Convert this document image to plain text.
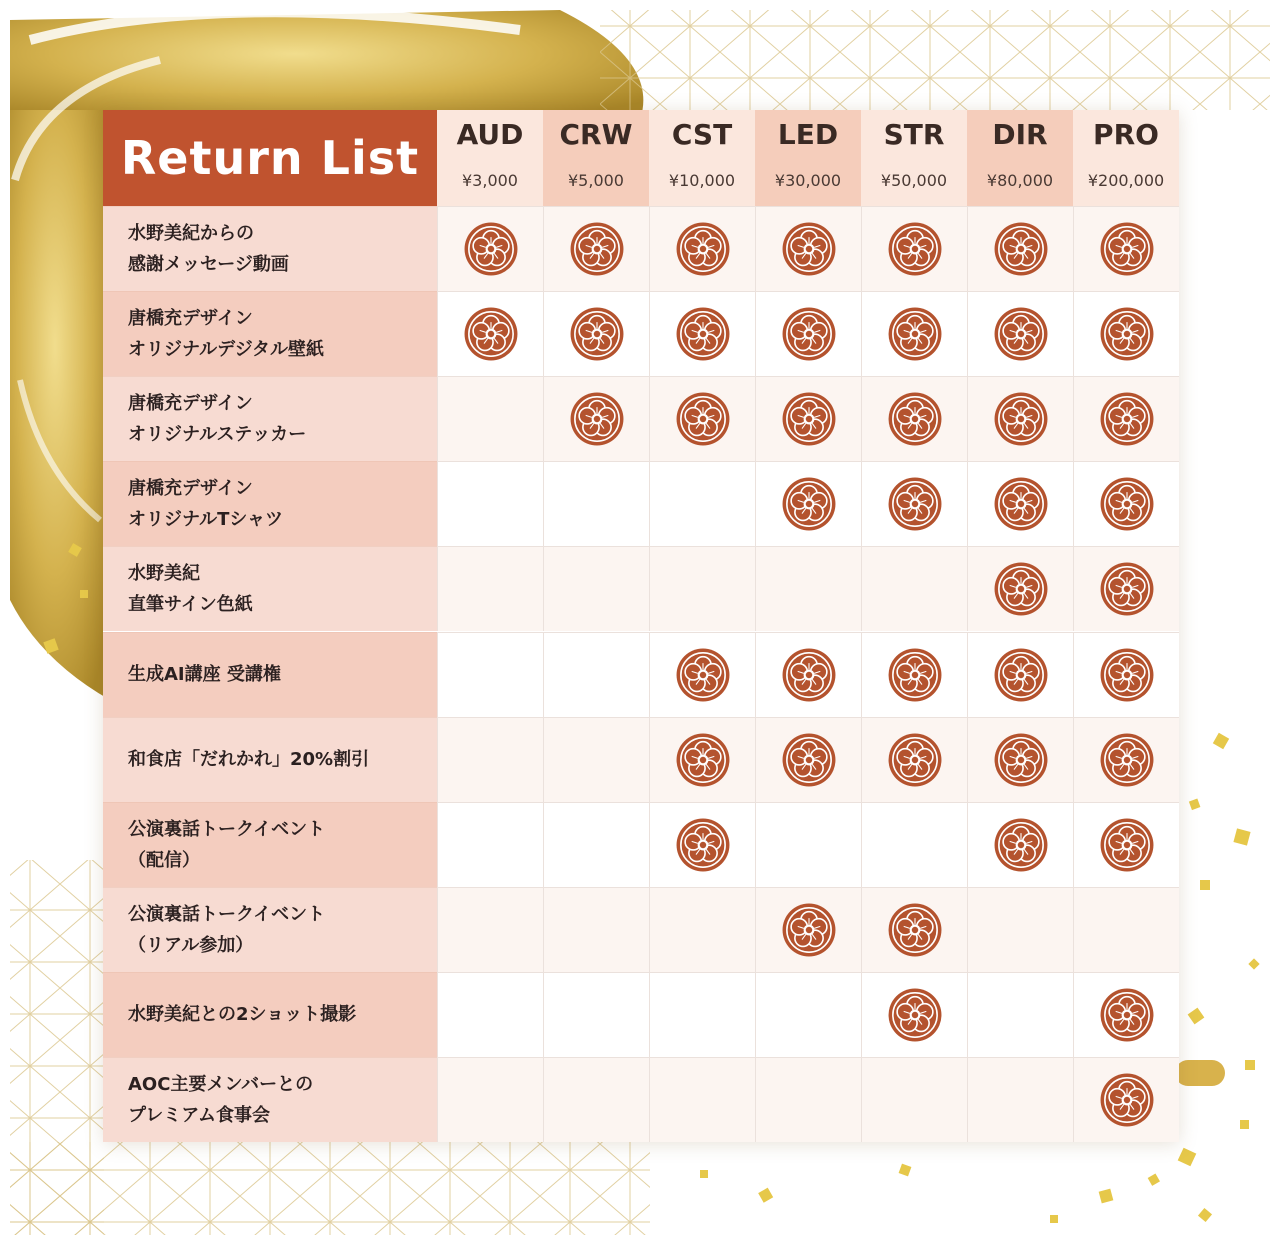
Return List	AUD
¥3,000
CRW
¥5,000
CST
¥10,000
LED
¥30,000
STR
¥50,000
DIR
¥80,000
PRO
¥200,000
水野美紀からの
感謝メッセージ動画
唐橋充デザイン
オリジナルデジタル壁紙
唐橋充デザイン
オリジナルステッカー
唐橋充デザイン
オリジナルTシャツ
水野美紀
直筆サイン色紙
生成AI講座 受講権
和食店「だれかれ」20%割引
公演裏話トークイベント
（配信）
公演裏話トークイベント
（リアル参加）
水野美紀との2ショット撮影
AOC主要メンバーとの
プレミアム食事会
